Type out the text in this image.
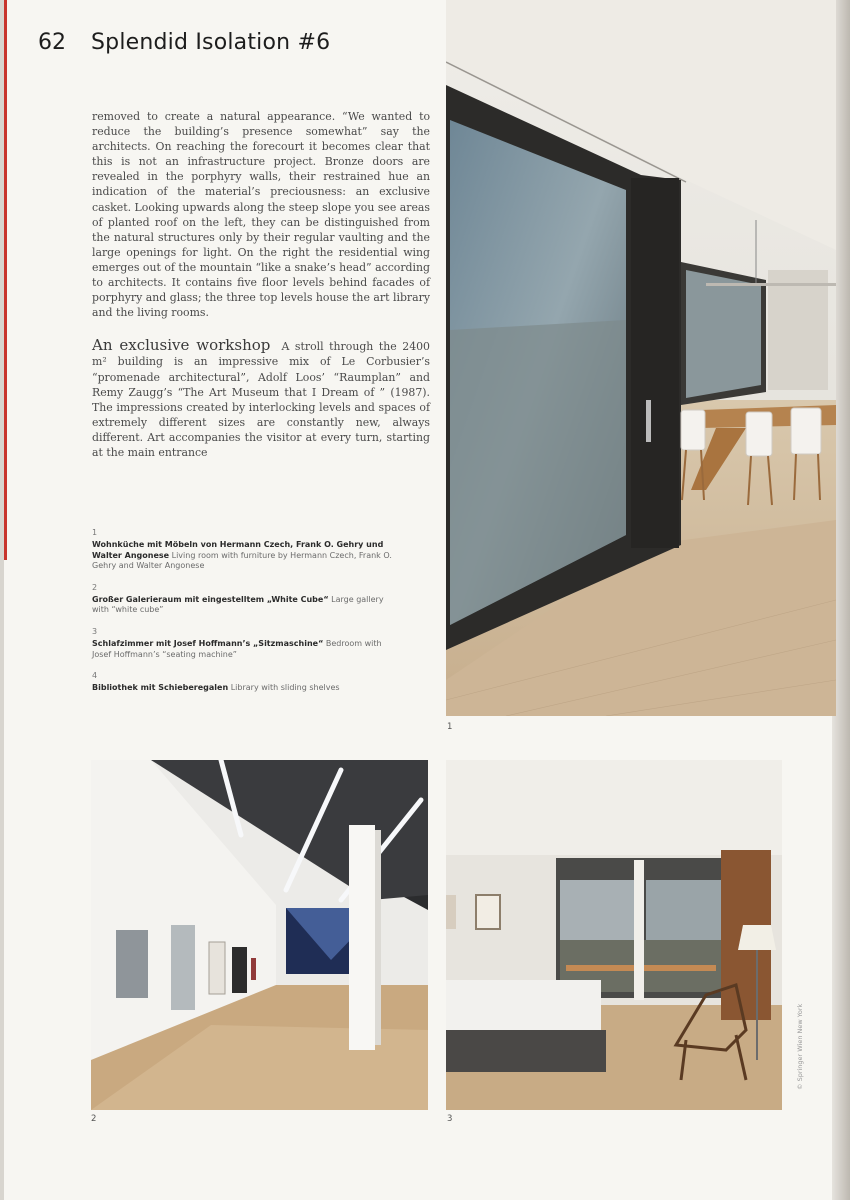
62 Splendid Isolation #6

removed to create a natural appearance. “We wanted to reduce the building’s presence somewhat” say the architects. On reaching the forecourt it becomes clear that this is not an infrastructure project. Bronze doors are revealed in the porphyry walls, their restrained hue an indication of the material’s preciousness: an exclusive casket. Looking upwards along the steep slope you see areas of planted roof on the left, they can be distinguished from the natural structures only by their regular vaulting and the large openings for light. On the right the residential wing emerges out of the mountain “like a snake’s head” according to architects. It contains five floor levels behind facades of porphyry and glass; the three top levels house the art library and the living rooms.

An exclusive workshop A stroll through the 2400 m² building is an impressive mix of Le Corbusier’s “promenade architectural”, Adolf Loos’ “Raumplan” and Remy Zaugg’s “The Art Museum that I Dream of ” (1987). The impressions created by interlocking levels and spaces of extremely different sizes are constantly new, always different. Art accompanies the visitor at every turn, starting at the main entrance

1
Wohnküche mit Möbeln von Hermann Czech, Frank O. Gehry und Walter Angonese Living room with furniture by Hermann Czech, Frank O. Gehry and Walter Angonese
2
Großer Galerieraum mit eingestelltem „White Cube“ Large gallery with “white cube”
3
Schlafzimmer mit Josef Hoffmann’s „Sitzmaschine“ Bedroom with Josef Hoffmann’s “seating machine”
4
Bibliothek mit Schieberegalen Library with sliding shelves
1
2	3
© Springer Wien New York
